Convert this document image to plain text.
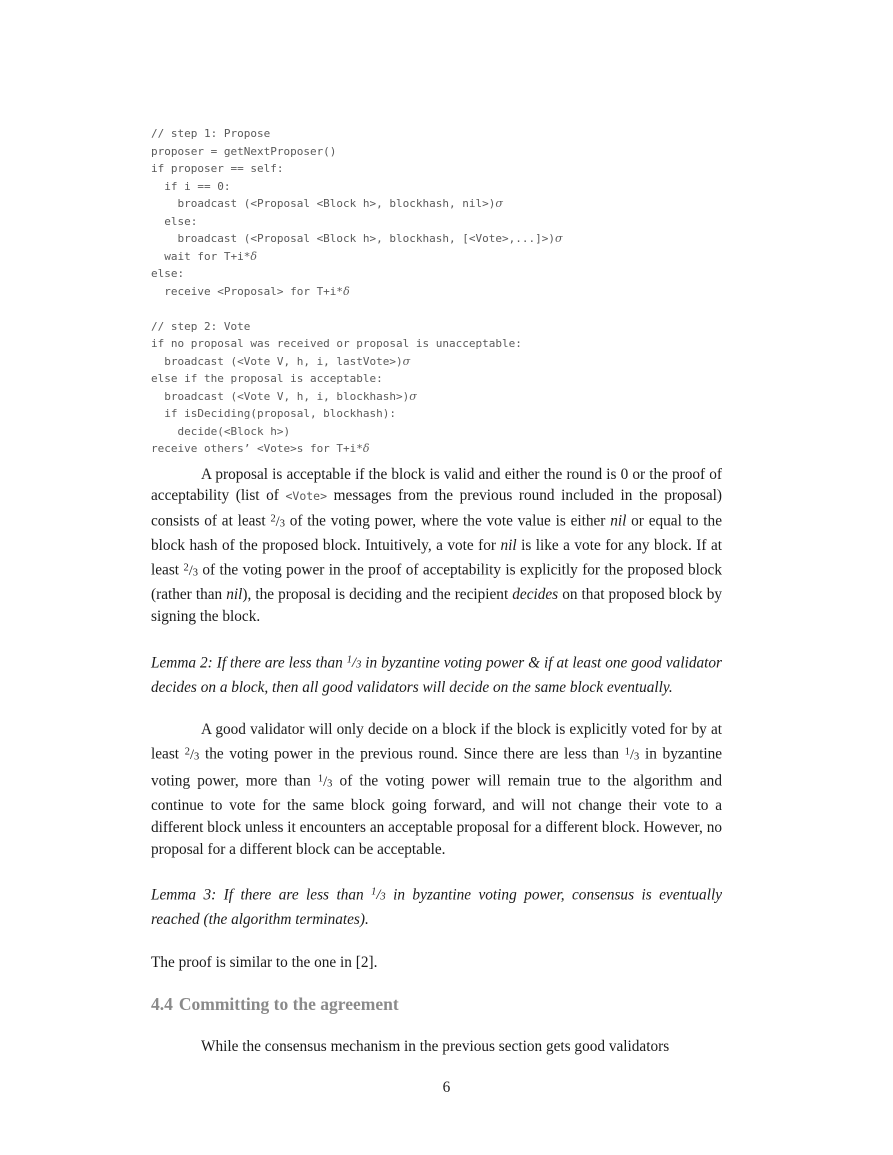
// step 1: Propose
proposer = getNextProposer()
if proposer == self:
if i == 0:
broadcast (<Proposal <Block h>, blockhash, nil>)σ
else:
broadcast (<Proposal <Block h>, blockhash, [<Vote>,...]>)σ
wait for T+i*δ
else:
receive <Proposal> for T+i*δ
// step 2: Vote
if no proposal was received or proposal is unacceptable:
broadcast (<Vote V, h, i, lastVote>)σ
else if the proposal is acceptable:
broadcast (<Vote V, h, i, blockhash>)σ
if isDeciding(proposal, blockhash):
decide(<Block h>)
receive others’ <Vote>s for T+i*δ

A proposal is acceptable if the block is valid and either the round is 0 or the proof of acceptability (list of <Vote> messages from the previous round included in the proposal) consists of at least $^2/_3$ of the voting power, where the vote value is either nil or equal to the block hash of the proposed block. Intuitively, a vote for nil is like a vote for any block. If at least $^2/_3$ of the voting power in the proof of acceptability is explicitly for the proposed block (rather than nil), the proposal is deciding and the recipient decides on that proposed block by signing the block.

Lemma 2: If there are less than $^1/_3$ in byzantine voting power & if at least one good validator decides on a block, then all good validators will decide on the same block eventually.

A good validator will only decide on a block if the block is explicitly voted for by at least $^2/_3$ the voting power in the previous round. Since there are less than $^1/_3$ in byzantine voting power, more than $^1/_3$ of the voting power will remain true to the algorithm and continue to vote for the same block going forward, and will not change their vote to a different block unless it encounters an acceptable proposal for a different block. However, no proposal for a different block can be acceptable.

Lemma 3: If there are less than $^1/_3$ in byzantine voting power, consensus is eventually reached (the algorithm terminates).

The proof is similar to the one in [2].

4.4 Committing to the agreement

While the consensus mechanism in the previous section gets good validators

6
